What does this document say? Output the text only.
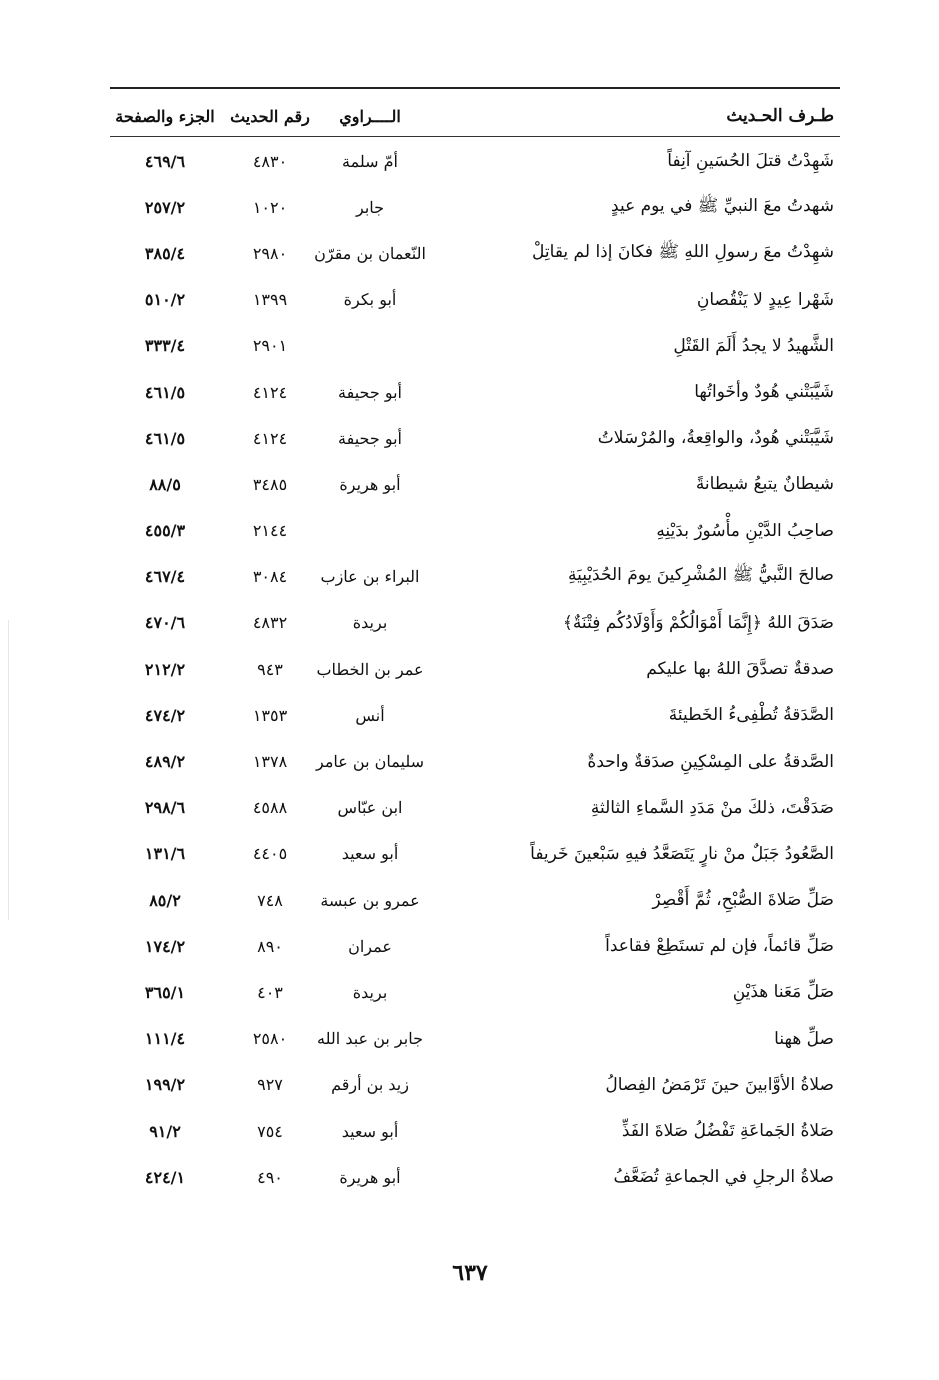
طـرف الحـديث
الــــراوي
رقم الحديث
الجزء والصفحة
شَهِدْتُ قتلَ الحُسَينِ آنِفاً
أمّ سلمة
٤٨٣٠
٤٦٩/٦
شهدتُ معَ النبيِّ ﷺ في يوم عيدٍ
جابر
١٠٢٠
٢٥٧/٢
شهِدْتُ معَ رسولِ اللهِ ﷺ فكانَ إذا لم يقاتِلْ
النّعمان بن مقرّن
٢٩٨٠
٣٨٥/٤
شَهْرا عِيدٍ لا يَنْقُصانِ
أبو بكرة
١٣٩٩
٥١٠/٢
الشَّهيدُ لا يجدُ أَلَمَ القَتْلِ
٢٩٠١
٣٣٣/٤
شَيَّبَتْني هُودٌ وأخَواتُها
أبو جحيفة
٤١٢٤
٤٦١/٥
شَيَّبَتْني هُودٌ، والواقِعةُ، والمُرْسَلاتُ
أبو جحيفة
٤١٢٤
٤٦١/٥
شيطانٌ يتبعُ شيطانةً
أبو هريرة
٣٤٨٥
٨٨/٥
صاحِبُ الدَّيْنِ مأْسُورٌ بدَيْنِهِ
٢١٤٤
٤٥٥/٣
صالحَ النَّبيُّ ﷺ المُشْرِكينَ يومَ الحُدَيْبِيَةِ
البراء بن عازب
٣٠٨٤
٤٦٧/٤
صَدَقَ اللهُ ﴿إِنَّمَا أَمْوَالُكُمْ وَأَوْلَادُكُم فِتْنَةٌ﴾
بريدة
٤٨٣٢
٤٧٠/٦
صدقةٌ تصدَّقَ اللهُ بها عليكم
عمر بن الخطاب
٩٤٣
٢١٢/٢
الصَّدَقةُ تُطْفِىءُ الخَطيئةَ
أنس
١٣٥٣
٤٧٤/٢
الصَّدقةُ على المِسْكِينِ صدَقةٌ واحدةٌ
سليمان بن عامر
١٣٧٨
٤٨٩/٢
صَدَقْتَ، ذلكَ منْ مَدَدِ السَّماءِ الثالثةِ
ابن عبّاس
٤٥٨٨
٢٩٨/٦
الصَّعُودُ جَبَلٌ منْ نارٍ يَتَصَعَّدُ فيهِ سَبْعينَ خَريفاً
أبو سعيد
٤٤٠٥
١٣١/٦
صَلِّ صَلاةَ الصُّبْحِ، ثُمَّ أَقْصِرْ
عمرو بن عبسة
٧٤٨
٨٥/٢
صَلِّ قائماً، فإن لم تستَطِعْ فقاعداً
عمران
٨٩٠
١٧٤/٢
صَلِّ مَعَنا هذَيْنِ
بريدة
٤٠٣
٣٦٥/١
صلِّ ههنا
جابر بن عبد الله
٢٥٨٠
١١١/٤
صلاةُ الأوَّابينَ حينَ تَرْمَضُ الفِصالُ
زيد بن أرقم
٩٢٧
١٩٩/٢
صَلاةُ الجَماعَةِ تَفْضُلُ صَلاةَ الفَذِّ
أبو سعيد
٧٥٤
٩١/٢
صلاةُ الرجلِ في الجماعةِ تُضَعَّفُ
أبو هريرة
٤٩٠
٤٢٤/١
٦٣٧
